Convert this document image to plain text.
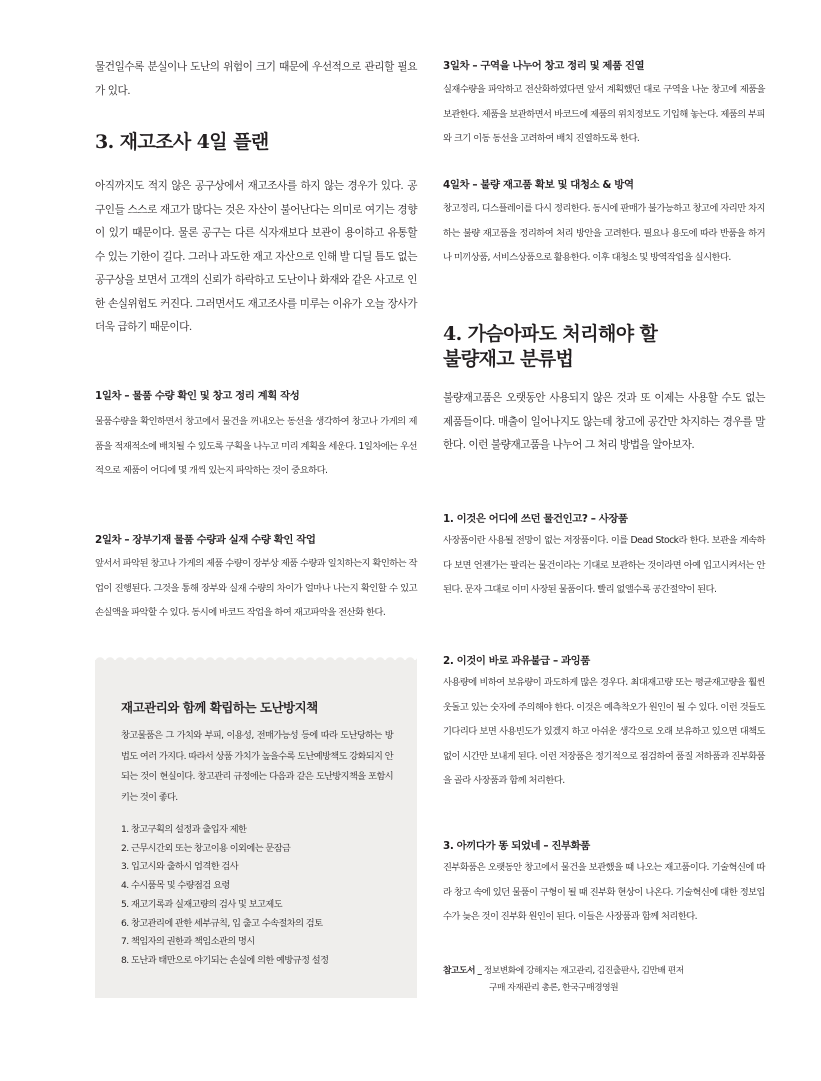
물건일수록 분실이나 도난의 위험이 크기 때문에 우선적으로 관리할 필요가 있다.

3. 재고조사 4일 플랜

아직까지도 적지 않은 공구상에서 재고조사를 하지 않는 경우가 있다. 공구인들 스스로 재고가 많다는 것은 자산이 불어난다는 의미로 여기는 경향이 있기 때문이다. 물론 공구는 다른 식자재보다 보관이 용이하고 유통할 수 있는 기한이 길다. 그러나 과도한 재고 자산으로 인해 발 디딜 틈도 없는 공구상을 보면서 고객의 신뢰가 하락하고 도난이나 화재와 같은 사고로 인한 손실위험도 커진다. 그러면서도 재고조사를 미루는 이유가 오늘 장사가 더욱 급하기 때문이다.

1일차 – 물품 수량 확인 및 창고 정리 계획 작성

물품수량을 확인하면서 창고에서 물건을 꺼내오는 동선을 생각하여 창고나 가게의 제품을 적재적소에 배치될 수 있도록 구획을 나누고 미리 계획을 세운다. 1일차에는 우선적으로 제품이 어디에 몇 개씩 있는지 파악하는 것이 중요하다.

2일차 – 장부기재 물품 수량과 실재 수량 확인 작업

앞서서 파악된 창고나 가게의 제품 수량이 장부상 제품 수량과 일치하는지 확인하는 작업이 진행된다. 그것을 통해 장부와 실재 수량의 차이가 얼마나 나는지 확인할 수 있고 손실액을 파악할 수 있다. 동시에 바코드 작업을 하여 재고파악을 전산화 한다.

재고관리와 함께 확립하는 도난방지책

창고물품은 그 가치와 부피, 이용성, 전매가능성 등에 따라 도난당하는 방법도 여러 가지다. 따라서 상품 가치가 높을수록 도난예방책도 강화되지 안되는 것이 현실이다. 창고관리 규정에는 다음과 같은 도난방지책을 포함시키는 것이 좋다.

1. 창고구획의 설정과 출입자 제한
2. 근무시간외 또는 창고이용 이외에는 문잠금
3. 입고시와 출하시 엄격한 검사
4. 수시품목 및 수량점검 요령
5. 재고기록과 실재고량의 검사 및 보고제도
6. 창고관리에 관한 세부규칙, 입 출고 수속절차의 검토
7. 책임자의 권한과 책임소관의 명시
8. 도난과 태만으로 야기되는 손실에 의한 예방규정 설정
3일차 – 구역을 나누어 창고 정리 및 제품 진열

실재수량을 파악하고 전산화하였다면 앞서 계획했던 대로 구역을 나눈 창고에 제품을 보관한다. 제품을 보관하면서 바코드에 제품의 위치정보도 기입해 놓는다. 제품의 부피와 크기 이동 동선을 고려하여 배치 진열하도록 한다.

4일차 – 불량 재고품 확보 및 대청소 & 방역

창고정리, 디스플레이를 다시 정리한다. 동시에 판매가 불가능하고 창고에 자리만 차지하는 불량 재고품을 정리하여 처리 방안을 고려한다. 필요나 용도에 따라 반품을 하거나 미끼상품, 서비스상품으로 활용한다. 이후 대청소 및 방역작업을 실시한다.

4. 가슴아파도 처리해야 할
불량재고 분류법

불량재고품은 오랫동안 사용되지 않은 것과 또 이제는 사용할 수도 없는 제품들이다. 매출이 일어나지도 않는데 창고에 공간만 차지하는 경우를 말한다. 이런 불량재고품을 나누어 그 처리 방법을 알아보자.

1. 이것은 어디에 쓰던 물건인고? – 사장품

사장품이란 사용될 전망이 없는 저장품이다. 이를 Dead Stock라 한다. 보관을 계속하다 보면 언젠가는 팔리는 물건이라는 기대로 보관하는 것이라면 아예 입고시켜서는 안된다. 문자 그대로 이미 사장된 물품이다. 빨리 없앨수록 공간절약이 된다.

2. 이것이 바로 과유불급 – 과잉품

사용량에 비하여 보유량이 과도하게 많은 경우다. 최대재고량 또는 평균재고량을 훨씬 웃돌고 있는 숫자에 주의해야 한다. 이것은 예측착오가 원인이 될 수 있다. 이런 것들도 기다리다 보면 사용빈도가 있겠지 하고 아쉬운 생각으로 오래 보유하고 있으면 대책도 없이 시간만 보내게 된다. 이런 저장품은 정기적으로 점검하여 품질 저하품과 진부화품을 골라 사장품과 함께 처리한다.

3. 아끼다가 똥 되었네 – 진부화품

진부화품은 오랫동안 창고에서 물건을 보관했을 때 나오는 재고품이다. 기술혁신에 따라 창고 속에 있던 물품이 구형이 될 때 진부화 현상이 나온다. 기술혁신에 대한 정보입수가 늦은 것이 진부화 원인이 된다. 이들은 사장품과 함께 처리한다.

참고도서 _ 정보변화에 강해지는 재고관리, 김진출판사, 김만배 편저
구매 자재관리 총론, 한국구매경영원
